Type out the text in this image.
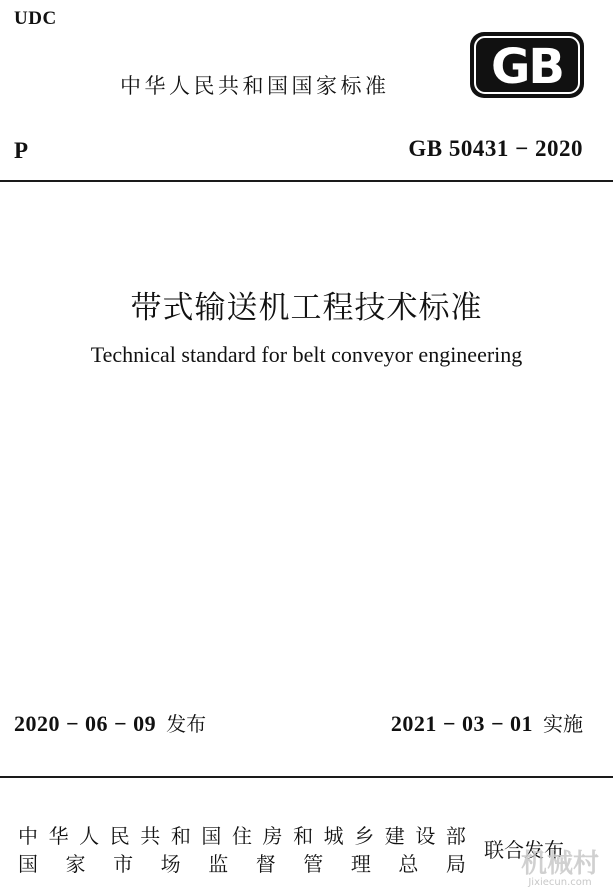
UDC
中华人民共和国国家标准 GB
P	GB 50431 − 2020
带式输送机工程技术标准
Technical standard for belt conveyor engineering
2020 − 06 − 09 发布	2021 − 03 − 01 实施
中 华 人 民 共 和 国 住 房 和 城 乡 建 设 部
国 家 市 场 监 督 管 理 总 局
联合发布
机械村
Jixiecun.com
